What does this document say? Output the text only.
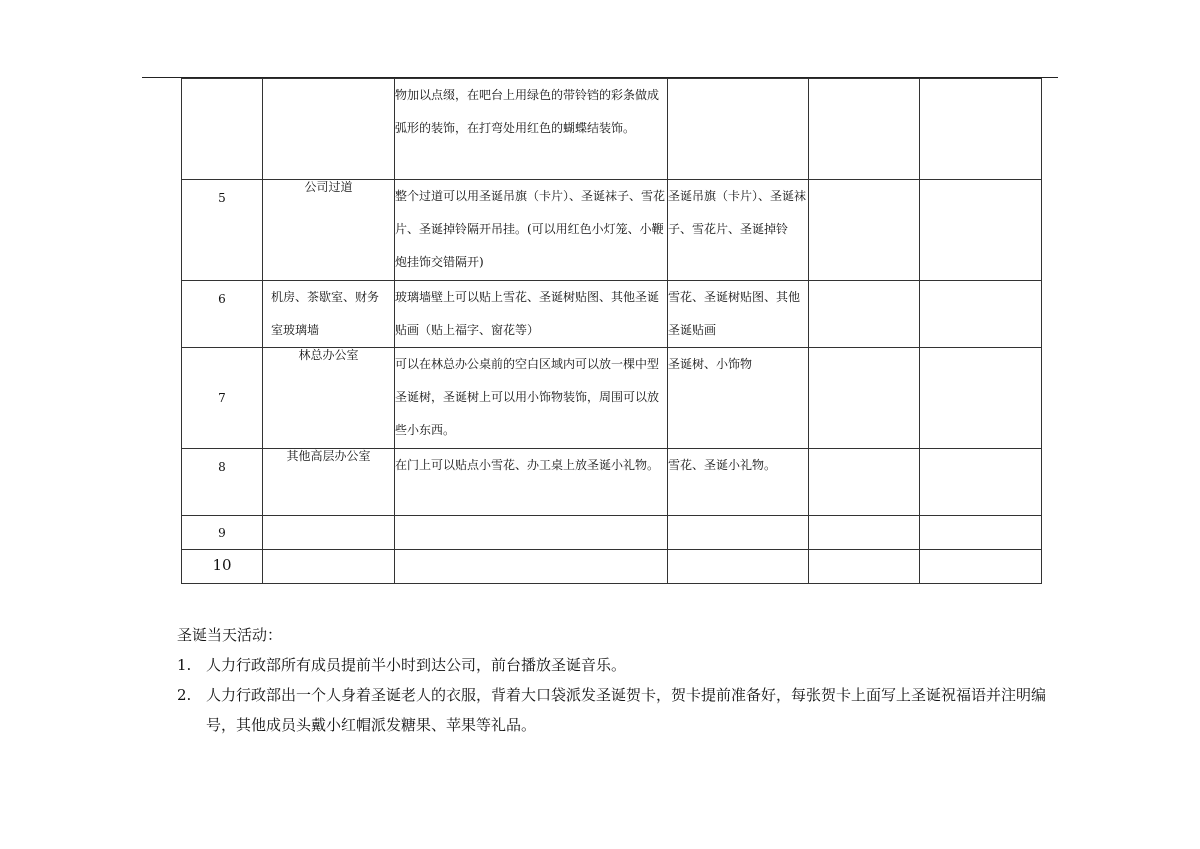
		物加以点缀，在吧台上用绿色的带铃铛的彩条做成弧形的装饰，在打弯处用红色的蝴蝶结装饰。			

5	公司过道	整个过道可以用圣诞吊旗（卡片）、圣诞袜子、雪花片、圣诞掉铃隔开吊挂。(可以用红色小灯笼、小鞭炮挂饰交错隔开)	圣诞吊旗（卡片）、圣诞袜子、雪花片、圣诞掉铃		

6	机房、茶歇室、财务室玻璃墙	玻璃墙壁上可以贴上雪花、圣诞树贴图、其他圣诞贴画（贴上福字、窗花等）	雪花、圣诞树贴图、其他圣诞贴画		

7	林总办公室	可以在林总办公桌前的空白区域内可以放一棵中型圣诞树，圣诞树上可以用小饰物装饰，周围可以放些小东西。	圣诞树、小饰物		

8	其他高层办公室	在门上可以贴点小雪花、办工桌上放圣诞小礼物。	雪花、圣诞小礼物。		

9					

10					

圣诞当天活动：
1. 人力行政部所有成员提前半小时到达公司，前台播放圣诞音乐。
2. 人力行政部出一个人身着圣诞老人的衣服，背着大口袋派发圣诞贺卡，贺卡提前准备好，每张贺卡上面写上圣诞祝福语并注明编号，其他成员头戴小红帽派发糖果、苹果等礼品。
